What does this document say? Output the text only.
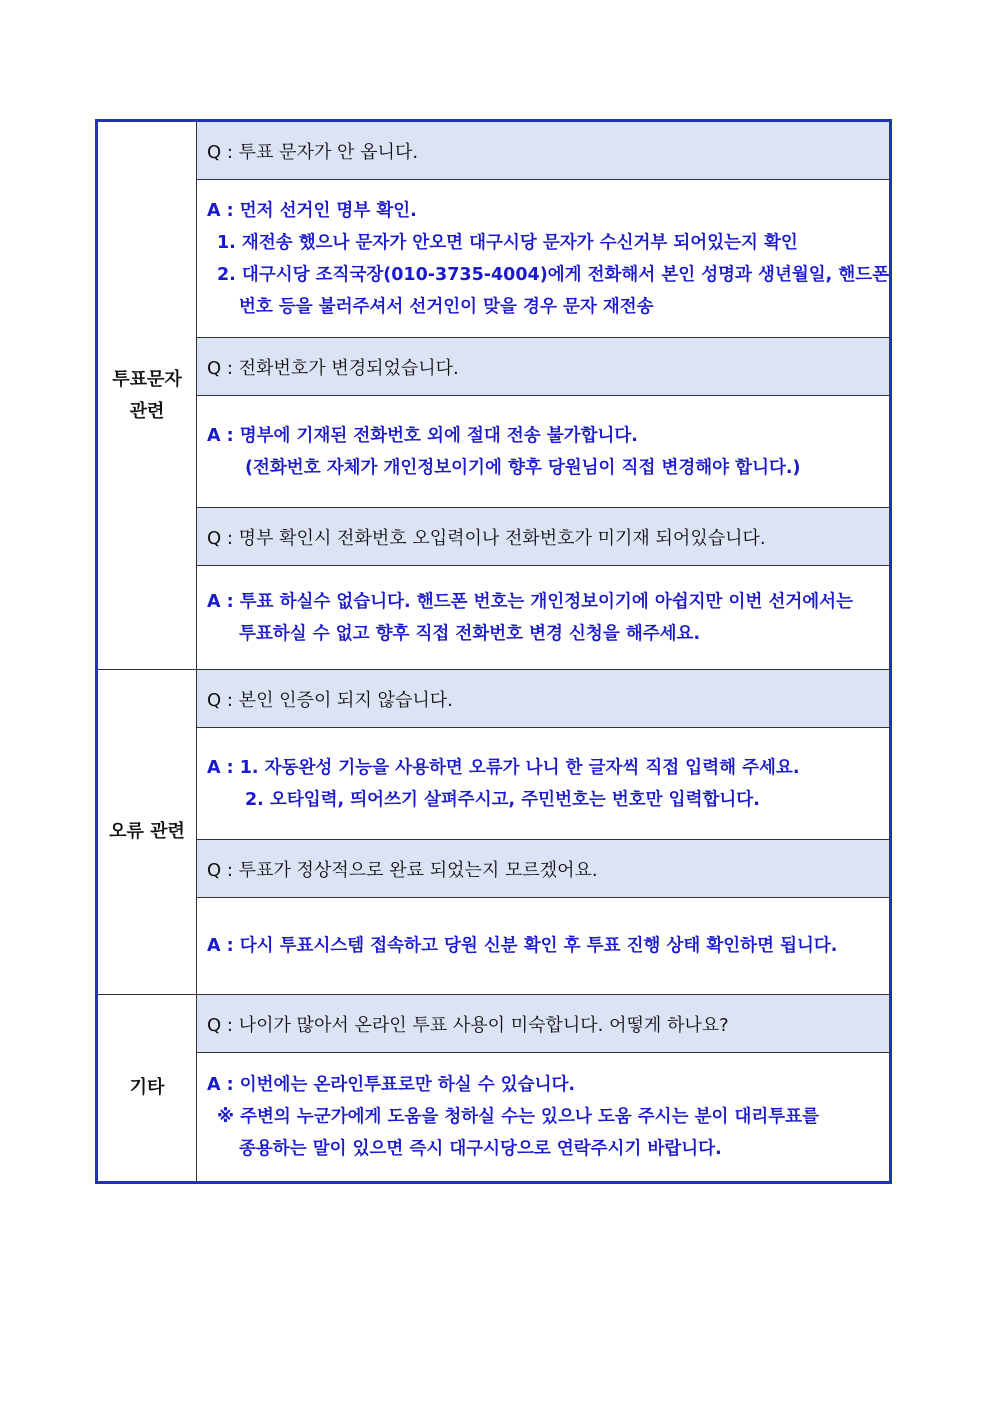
투표문자
관련	Q : 투표 문자가 안 옵니다.

	A : 먼저 선거인 명부 확인.
1. 재전송 했으나 문자가 안오면 대구시당 문자가 수신거부 되어있는지 확인
2. 대구시당 조직국장(010-3735-4004)에게 전화해서 본인 성명과 생년월일, 핸드폰
번호 등을 불러주셔서 선거인이 맞을 경우 문자 재전송

	Q : 전화번호가 변경되었습니다.

	A : 명부에 기재된 전화번호 외에 절대 전송 불가합니다.
(전화번호 자체가 개인정보이기에 향후 당원님이 직접 변경해야 합니다.)

	Q : 명부 확인시 전화번호 오입력이나 전화번호가 미기재 되어있습니다.

	A : 투표 하실수 없습니다. 핸드폰 번호는 개인정보이기에 아쉽지만 이번 선거에서는
투표하실 수 없고 향후 직접 전화번호 변경 신청을 해주세요.

오류 관련	Q : 본인 인증이 되지 않습니다.

	A : 1. 자동완성 기능을 사용하면 오류가 나니 한 글자씩 직접 입력해 주세요.
2. 오타입력, 띄어쓰기 살펴주시고, 주민번호는 번호만 입력합니다.

	Q : 투표가 정상적으로 완료 되었는지 모르겠어요.

	A : 다시 투표시스템 접속하고 당원 신분 확인 후 투표 진행 상태 확인하면 됩니다.

기타	Q : 나이가 많아서 온라인 투표 사용이 미숙합니다. 어떻게 하나요?

	A : 이번에는 온라인투표로만 하실 수 있습니다.
※ 주변의 누군가에게 도움을 청하실 수는 있으나 도움 주시는 분이 대리투표를
종용하는 말이 있으면 즉시 대구시당으로 연락주시기 바랍니다.
